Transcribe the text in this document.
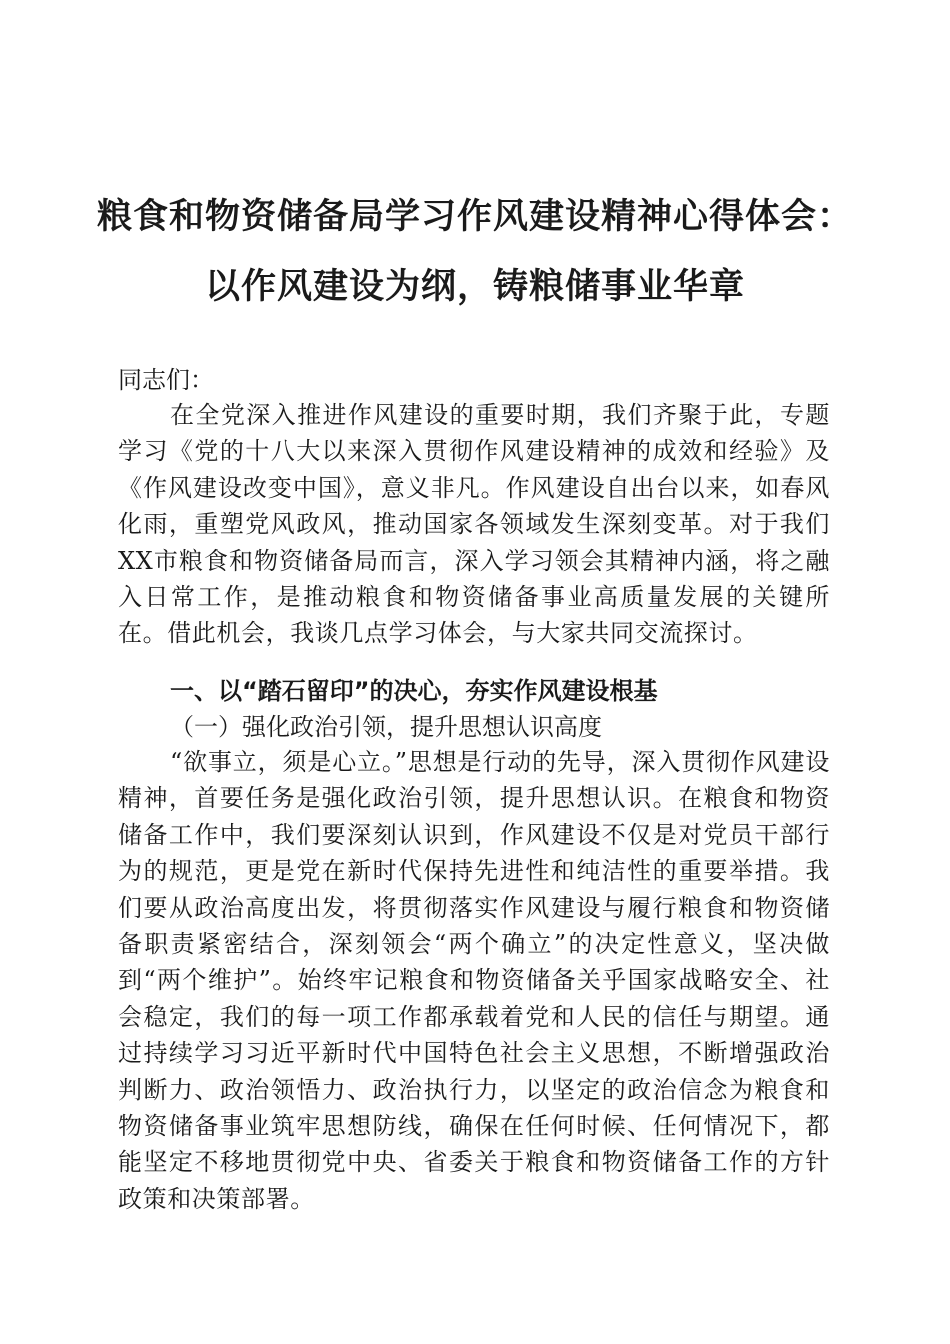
粮食和物资储备局学习作风建设精神心得体会：
以作风建设为纲，铸粮储事业华章
同志们：
在全党深入推进作风建设的重要时期，我们齐聚于此，专题学习《党的十八大以来深入贯彻作风建设精神的成效和经验》及《作风建设改变中国》，意义非凡。作风建设自出台以来，如春风化雨，重塑党风政风，推动国家各领域发生深刻变革。对于我们XX市粮食和物资储备局而言，深入学习领会其精神内涵，将之融入日常工作，是推动粮食和物资储备事业高质量发展的关键所在。借此机会，我谈几点学习体会，与大家共同交流探讨。
一、以“踏石留印”的决心，夯实作风建设根基
（一）强化政治引领，提升思想认识高度
“欲事立，须是心立。”思想是行动的先导，深入贯彻作风建设精神，首要任务是强化政治引领，提升思想认识。在粮食和物资储备工作中，我们要深刻认识到，作风建设不仅是对党员干部行为的规范，更是党在新时代保持先进性和纯洁性的重要举措。我们要从政治高度出发，将贯彻落实作风建设与履行粮食和物资储备职责紧密结合，深刻领会“两个确立”的决定性意义，坚决做到“两个维护”。始终牢记粮食和物资储备关乎国家战略安全、社会稳定，我们的每一项工作都承载着党和人民的信任与期望。通过持续学习习近平新时代中国特色社会主义思想，不断增强政治判断力、政治领悟力、政治执行力，以坚定的政治信念为粮食和物资储备事业筑牢思想防线，确保在任何时候、任何情况下，都能坚定不移地贯彻党中央、省委关于粮食和物资储备工作的方针政策和决策部署。
